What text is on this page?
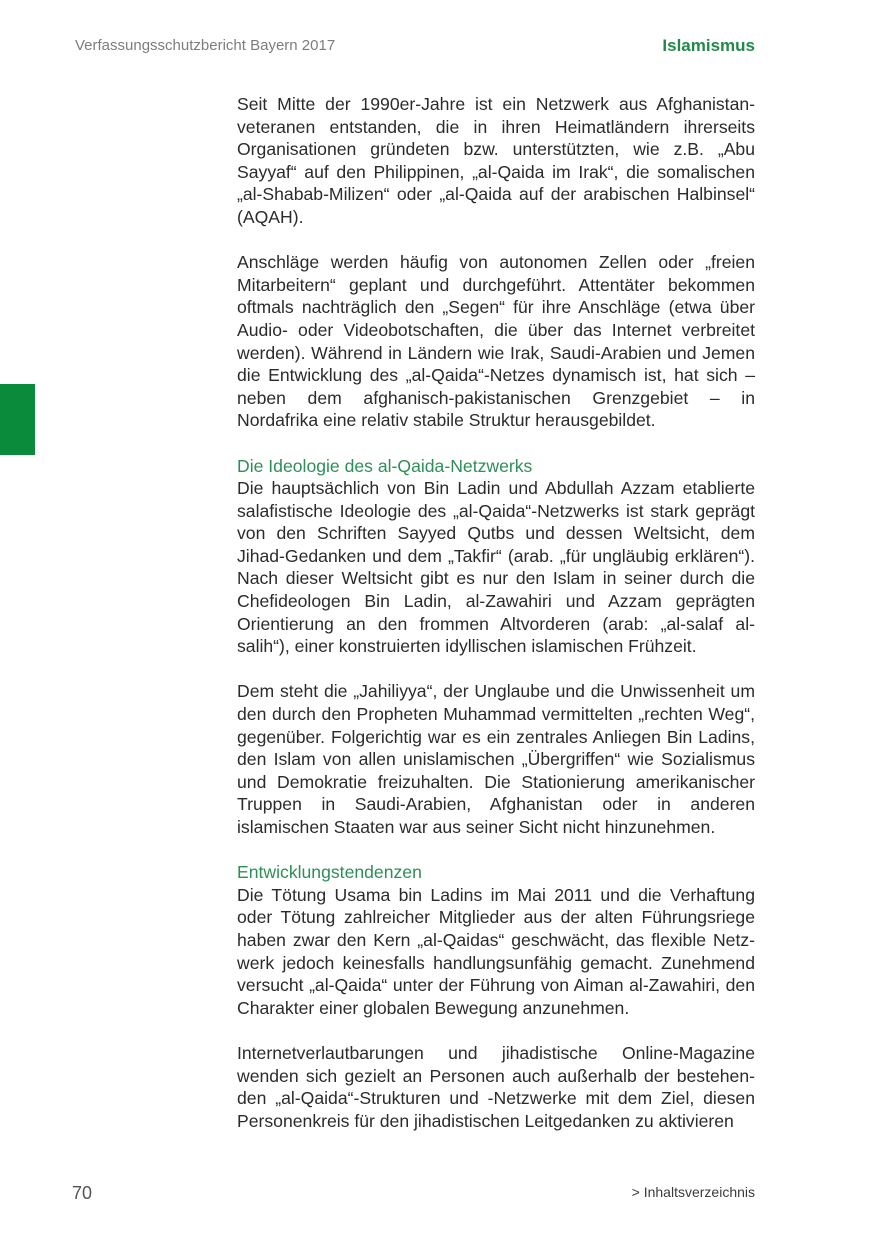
Verfassungsschutzbericht Bayern 2017	Islamismus

Seit Mitte der 1990er-Jahre ist ein Netzwerk aus Afghanistanveteranen entstanden, die in ihren Heimatländern ihrerseits Organisationen gründeten bzw. unterstützten, wie z.B. „Abu Sayyaf“ auf den Philippinen, „al-Qaida im Irak“, die somalischen „al-Shabab-Milizen“ oder „al-Qaida auf der arabischen Halbinsel“ (AQAH).

Anschläge werden häufig von autonomen Zellen oder „freien Mitarbeitern“ geplant und durchgeführt. Attentäter bekommen oftmals nachträglich den „Segen“ für ihre Anschläge (etwa über Audio- oder Videobotschaften, die über das Internet verbreitet werden). Während in Ländern wie Irak, Saudi-Arabien und Jemen die Entwicklung des „al-Qaida“-Netzes dynamisch ist, hat sich – neben dem afghanisch-pakistanischen Grenzgebiet – in Nordafrika eine relativ stabile Struktur herausgebildet.

Die Ideologie des al-Qaida-Netzwerks

Die hauptsächlich von Bin Ladin und Abdullah Azzam etablierte salafistische Ideologie des „al-Qaida“-Netzwerks ist stark geprägt von den Schriften Sayyed Qutbs und dessen Weltsicht, dem Jihad-Gedanken und dem „Takfir“ (arab. „für ungläubig erklären“). Nach dieser Weltsicht gibt es nur den Islam in seiner durch die Chefideologen Bin Ladin, al-Zawahiri und Azzam geprägten Orientierung an den frommen Altvorderen (arab: „al-salaf al-salih“), einer konstruierten idyllischen islamischen Frühzeit.

Dem steht die „Jahiliyya“, der Unglaube und die Unwissenheit um den durch den Propheten Muhammad vermittelten „rechten Weg“, gegenüber. Folgerichtig war es ein zentrales Anliegen Bin Ladins, den Islam von allen unislamischen „Übergriffen“ wie Sozialismus und Demokratie freizuhalten. Die Stationierung amerikanischer Truppen in Saudi-Arabien, Afghanistan oder in anderen islamischen Staaten war aus seiner Sicht nicht hinzunehmen.

Entwicklungstendenzen

Die Tötung Usama bin Ladins im Mai 2011 und die Verhaftung oder Tötung zahlreicher Mitglieder aus der alten Führungsriege haben zwar den Kern „al-Qaidas“ geschwächt, das flexible Netzwerk jedoch keinesfalls handlungsunfähig gemacht. Zunehmend versucht „al-Qaida“ unter der Führung von Aiman al-Zawahiri, den Charakter einer globalen Bewegung anzunehmen.

Internetverlautbarungen und jihadistische Online-Magazine wenden sich gezielt an Personen auch außerhalb der bestehenden „al-Qaida“-Strukturen und -Netzwerke mit dem Ziel, diesen Personenkreis für den jihadistischen Leitgedanken zu aktivieren

70	> Inhaltsverzeichnis
